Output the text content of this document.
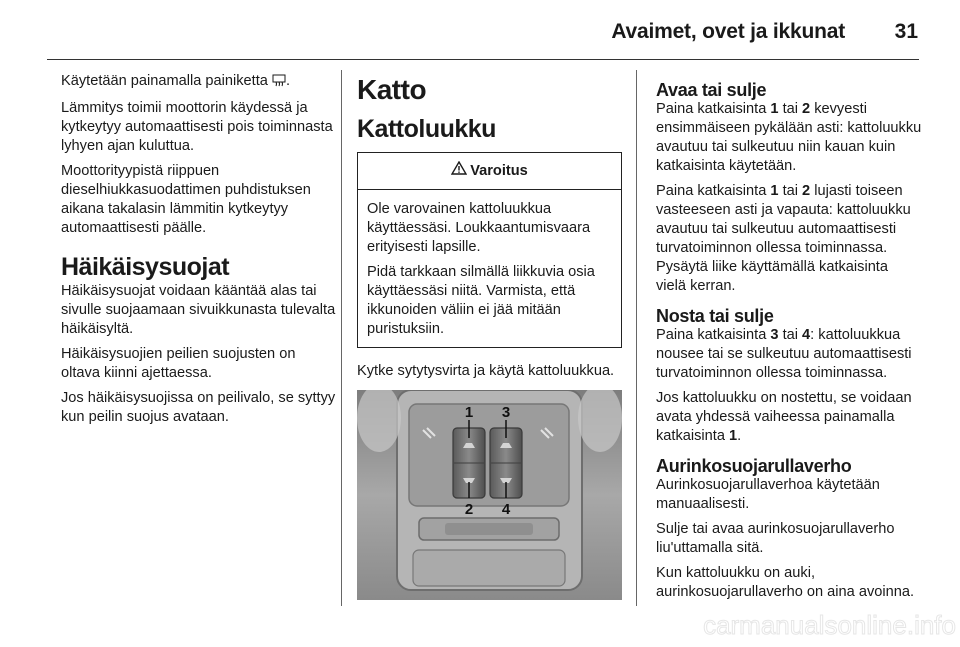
Avaimet, ovet ja ikkunat 31

Käytetään painamalla painiketta .

Lämmitys toimii moottorin käydessä ja kytkeytyy automaattisesti pois toiminnasta lyhyen ajan kuluttua.

Moottorityypistä riippuen dieselhiukkasuodattimen puhdistuksen aikana takalasin lämmitin kytkeytyy automaattisesti päälle.

Häikäisysuojat

Häikäisysuojat voidaan kääntää alas tai sivulle suojaamaan sivuikkunasta tulevalta häikäisyltä.

Häikäisysuojien peilien suojusten on oltava kiinni ajettaessa.

Jos häikäisysuojissa on peilivalo, se syttyy kun peilin suojus avataan.

Katto
Kattoluukku
Varoitus

Ole varovainen kattoluukkua käyttäessäsi. Loukkaantumisvaara erityisesti lapsille.

Pidä tarkkaan silmällä liikkuvia osia käyttäessäsi niitä. Varmista, että ikkunoiden väliin ei jää mitään puristuksiin.

Kytke sytytysvirta ja käytä kattoluukkua.

1 3
2 4
Avaa tai sulje

Paina katkaisinta 1 tai 2 kevyesti ensimmäiseen pykälään asti: kattoluukku avautuu tai sulkeutuu niin kauan kuin katkaisinta käytetään.

Paina katkaisinta 1 tai 2 lujasti toiseen vasteeseen asti ja vapauta: kattoluukku avautuu tai sulkeutuu automaattisesti turvatoiminnon ollessa toiminnassa. Pysäytä liike käyttämällä katkaisinta vielä kerran.

Nosta tai sulje

Paina katkaisinta 3 tai 4: kattoluukkua nousee tai se sulkeutuu automaattisesti turvatoiminnon ollessa toiminnassa.

Jos kattoluukku on nostettu, se voidaan avata yhdessä vaiheessa painamalla katkaisinta 1.

Aurinkosuojarullaverho

Aurinkosuojarullaverhoa käytetään manuaalisesti.

Sulje tai avaa aurinkosuojarullaverho liu'uttamalla sitä.

Kun kattoluukku on auki, aurinkosuojarullaverho on aina avoinna.

carmanualsonline.info
